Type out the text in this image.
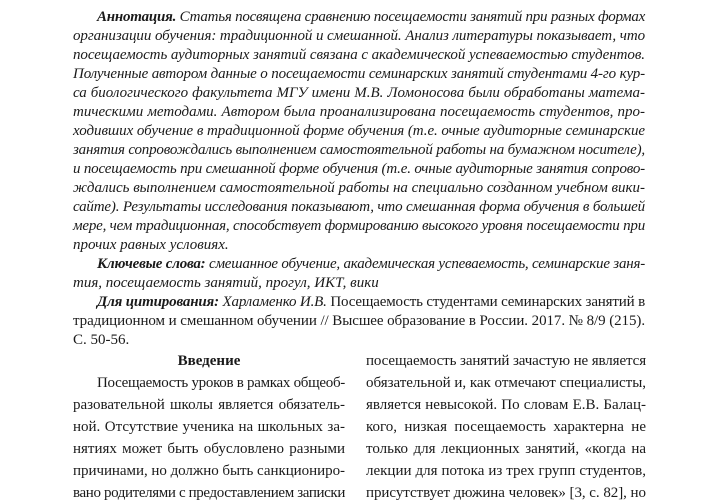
Аннотация. Статья посвящена сравнению посещаемости занятий при разных формах
организации обучения: традиционной и смешанной. Анализ литературы показывает, что
посещаемость аудиторных занятий связана с академической успеваемостью студентов.
Полученные автором данные о посещаемости семинарских занятий студентами 4-го кур-
са биологического факультета МГУ имени М.В. Ломоносова были обработаны матема-
тическими методами. Автором была проанализирована посещаемость студентов, про-
ходивших обучение в традиционной форме обучения (т.е. очные аудиторные семинарские
занятия сопровождались выполнением самостоятельной работы на бумажном носителе),
и посещаемость при смешанной форме обучения (т.е. очные аудиторные занятия сопрово-
ждались выполнением самостоятельной работы на специально созданном учебном вики-
сайте). Результаты исследования показывают, что смешанная форма обучения в большей
мере, чем традиционная, способствует формированию высокого уровня посещаемости при
прочих равных условиях.
Ключевые слова: смешанное обучение, академическая успеваемость, семинарские заня-
тия, посещаемость занятий, прогул, ИКТ, вики
Для цитирования: Харламенко И.В. Посещаемость студентами семинарских занятий в
традиционном и смешанном обучении // Высшее образование в России. 2017. № 8/9 (215).
С. 50-56.
Введение
Посещаемость уроков в рамках общеоб-
разовательной школы является обязатель-
ной. Отсутствие ученика на школьных за-
нятиях может быть обусловлено разными
причинами, но должно быть санкциониро-
вано родителями с предоставлением записки
посещаемость занятий зачастую не является
обязательной и, как отмечают специалисты,
является невысокой. По словам Е.В. Балац-
кого, низкая посещаемость характерна не
только для лекционных занятий, «когда на
лекции для потока из трех групп студентов,
присутствует дюжина человек» [3, с. 82], но
